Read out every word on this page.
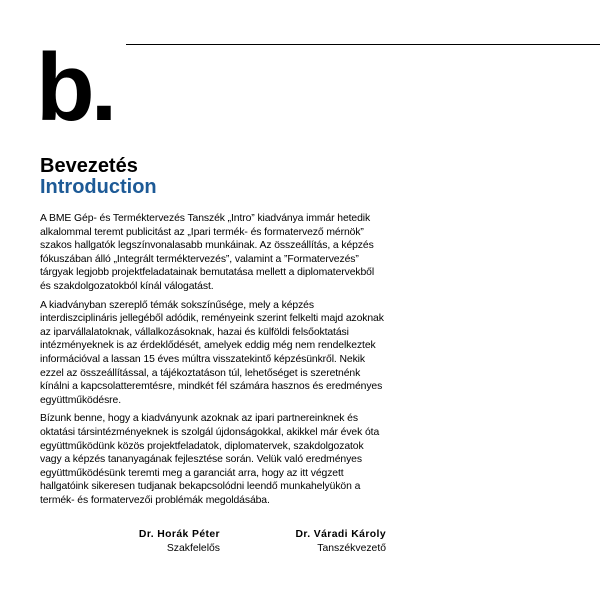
b.
Bevezetés
Introduction

A BME Gép- és Terméktervezés Tanszék „Intro” kiadványa immár hetedik alkalommal teremt publicitást az „Ipari termék- és formatervező mérnök” szakos hallgatók legszínvonalasabb munkáinak. Az összeállítás, a képzés fókuszában álló „Integrált terméktervezés”, valamint a ”Formatervezés” tárgyak legjobb projektfeladatainak bemutatása mellett a diplomatervekből és szakdolgozatokból kínál válogatást.

A kiadványban szereplő témák sokszínűsége, mely a képzés interdiszciplináris jellegéből adódik, reményeink szerint felkelti majd azoknak az iparvállalatoknak, vállalkozásoknak, hazai és külföldi felsőoktatási intézményeknek is az érdeklődését, amelyek eddig még nem rendelkeztek információval a lassan 15 éves múltra visszatekintő képzésünkről. Nekik ezzel az összeállítással, a tájékoztatáson túl, lehetőséget is szeretnénk kínálni a kapcsolatteremtésre, mindkét fél számára hasznos és eredményes együttműködésre.

Bízunk benne, hogy a kiadványunk azoknak az ipari partnereinknek és oktatási társintézményeknek is szolgál újdonságokkal, akikkel már évek óta együttműködünk közös projektfeladatok, diplomatervek, szakdolgozatok vagy a képzés tananyagának fejlesztése során. Velük való eredményes együttműködésünk teremti meg a garanciát arra, hogy az itt végzett hallgatóink sikeresen tudjanak bekapcsolódni leendő munkahelyükön a termék- és formatervezői problémák megoldásába.

Dr. Horák Péter
Szakfelelős
Dr. Váradi Károly
Tanszékvezető
